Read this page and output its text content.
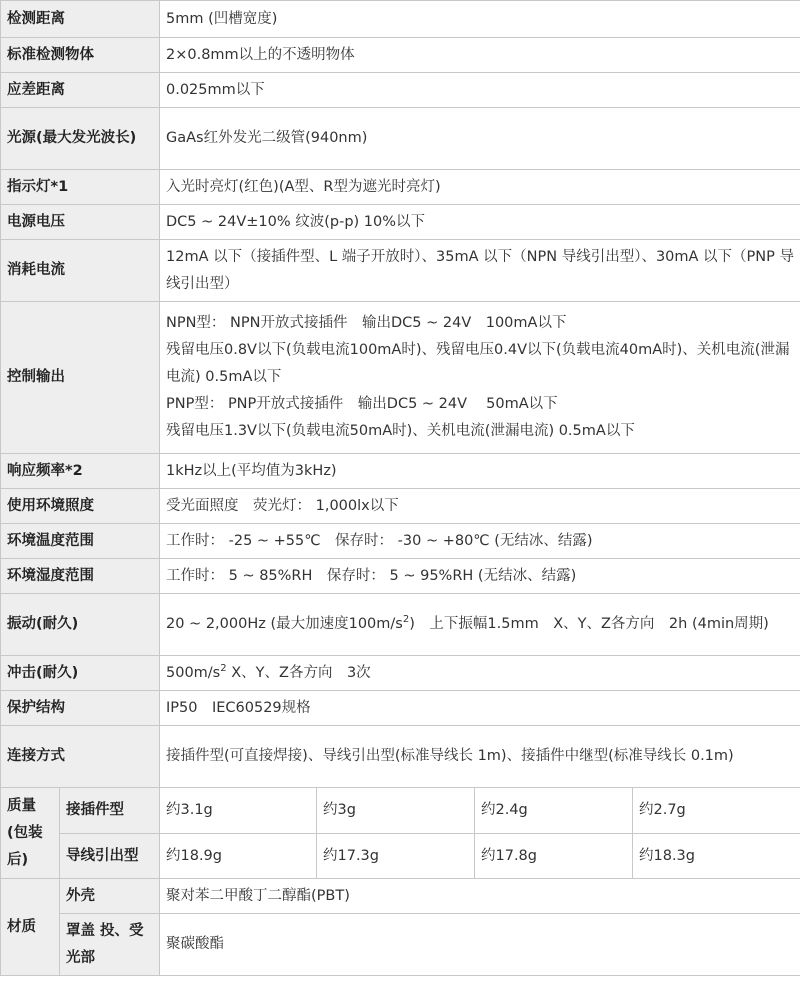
检测距离		5mm (凹槽宽度)			
标准检测物体		2×0.8mm以上的不透明物体			
应差距离		0.025mm以下			
光源(最大发光波长)		GaAs红外发光二级管(940nm)			
指示灯*1		入光时亮灯(红色)(A型、R型为遮光时亮灯)			
电源电压		DC5 ~ 24V±10% 纹波(p-p) 10%以下			
消耗电流		12mA 以下（接插件型、L 端子开放时）、35mA 以下（NPN 导线引出型）、30mA 以下（PNP 导线引出型）			
控制输出		NPN型： NPN开放式接插件　输出DC5 ~ 24V　100mA以下
残留电压0.8V以下(负载电流100mA时)、残留电压0.4V以下(负载电流40mA时)、关机电流(泄漏电流) 0.5mA以下
PNP型： PNP开放式接插件　输出DC5 ~ 24V　 50mA以下
残留电压1.3V以下(负载电流50mA时)、关机电流(泄漏电流) 0.5mA以下			

响应频率*2		1kHz以上(平均值为3kHz)			
使用环境照度		受光面照度　荧光灯： 1,000lx以下			
环境温度范围		工作时： -25 ~ +55℃　保存时： -30 ~ +80℃ (无结冰、结露)			
环境湿度范围		工作时： 5 ~ 85%RH　保存时： 5 ~ 95%RH (无结冰、结露)			
振动(耐久)		20 ~ 2,000Hz (最大加速度$100m/s^2$)　上下振幅1.5mm　X、Y、Z各方向　2h (4min周期)			
冲击(耐久)		$500m/s^2$ X、Y、Z各方向　3次			
保护结构		IP50　IEC60529规格			
连接方式		接插件型(可直接焊接)、导线引出型(标准导线长 1m)、接插件中继型(标准导线长 0.1m)			
质量(包装后)	接插件型	约3.1g	约3g	约2.4g	约2.7g
	导线引出型	约18.9g	约17.3g	约17.8g	约18.3g
材质	外壳	聚对苯二甲酸丁二醇酯(PBT)			
	罩盖 投、受光部	聚碳酸酯			
